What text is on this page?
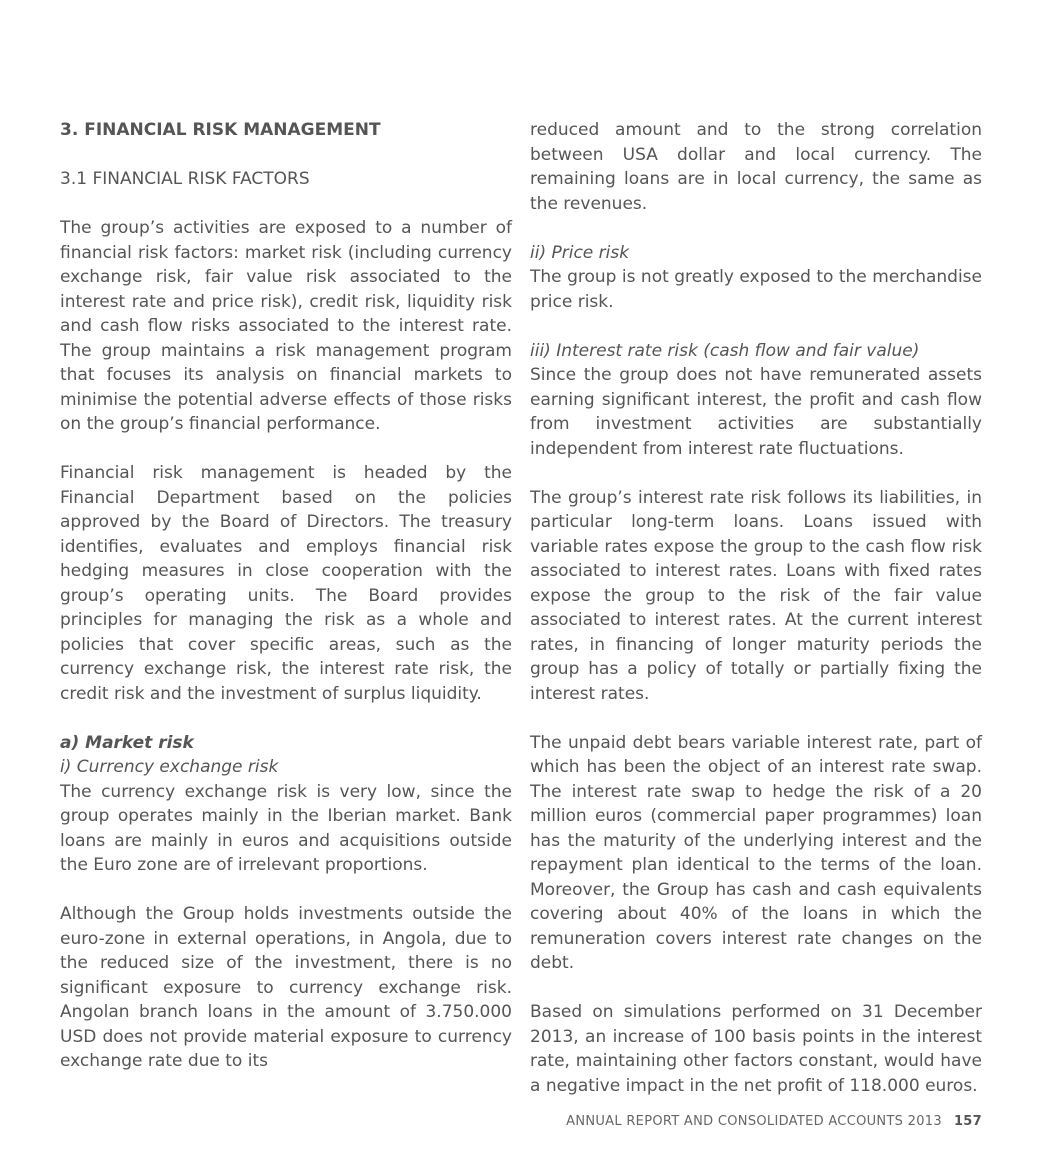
3. FINANCIAL RISK MANAGEMENT

3.1 FINANCIAL RISK FACTORS

The group’s activities are exposed to a number of financial risk factors: market risk (including currency exchange risk, fair value risk associated to the interest rate and price risk), credit risk, liquidity risk and cash flow risks associated to the interest rate. The group maintains a risk management program that focuses its analysis on financial markets to minimise the potential adverse effects of those risks on the group’s financial performance.

Financial risk management is headed by the Financial Department based on the policies approved by the Board of Directors. The treasury identifies, evaluates and employs financial risk hedging measures in close cooperation with the group’s operating units. The Board provides principles for managing the risk as a whole and policies that cover specific areas, such as the currency exchange risk, the interest rate risk, the credit risk and the investment of surplus liquidity.

a) Market risk

i) Currency exchange risk

The currency exchange risk is very low, since the group operates mainly in the Iberian market. Bank loans are mainly in euros and acquisitions outside the Euro zone are of irrelevant proportions.

Although the Group holds investments outside the euro-zone in external operations, in Angola, due to the reduced size of the investment, there is no significant exposure to currency exchange risk. Angolan branch loans in the amount of 3.750.000 USD does not provide material exposure to currency exchange rate due to its

reduced amount and to the strong correlation between USA dollar and local currency. The remaining loans are in local currency, the same as the revenues.

ii) Price risk

The group is not greatly exposed to the merchandise price risk.

iii) Interest rate risk (cash flow and fair value)

Since the group does not have remunerated assets earning significant interest, the profit and cash flow from investment activities are substantially independent from interest rate fluctuations.

The group’s interest rate risk follows its liabilities, in particular long-term loans. Loans issued with variable rates expose the group to the cash flow risk associated to interest rates. Loans with fixed rates expose the group to the risk of the fair value associated to interest rates. At the current interest rates, in financing of longer maturity periods the group has a policy of totally or partially fixing the interest rates.

The unpaid debt bears variable interest rate, part of which has been the object of an interest rate swap. The interest rate swap to hedge the risk of a 20 million euros (commercial paper programmes) loan has the maturity of the underlying interest and the repayment plan identical to the terms of the loan. Moreover, the Group has cash and cash equivalents covering about 40% of the loans in which the remuneration covers interest rate changes on the debt.

Based on simulations performed on 31 December 2013, an increase of 100 basis points in the interest rate, maintaining other factors constant, would have a negative impact in the net profit of 118.000 euros.

ANNUAL REPORT AND CONSOLIDATED ACCOUNTS 2013 157
